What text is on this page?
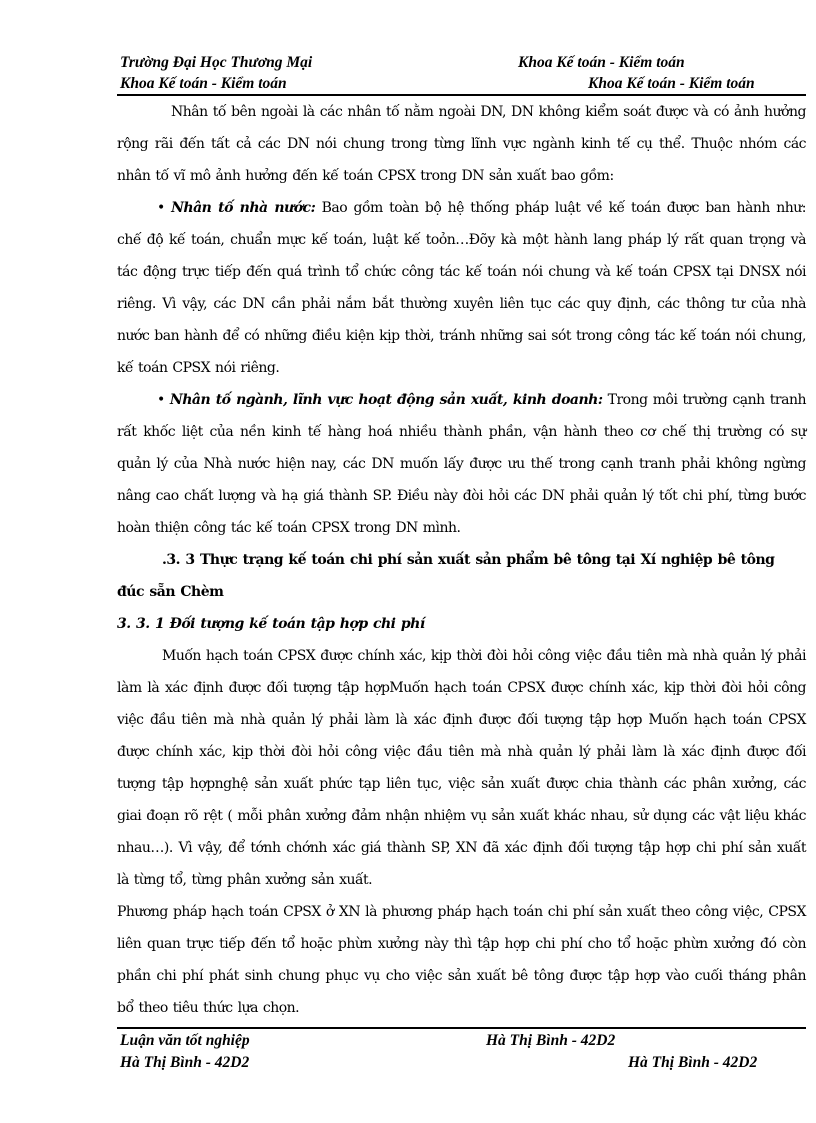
Trường Đại Học Thương Mại	Khoa Kế toán - Kiểm toán
Khoa Kế toán - Kiểm toán	Khoa Kế toán - Kiểm toán

Nhân tố bên ngoài là các nhân tố nằm ngoài DN, DN không kiểm soát được và có ảnh hưởng rộng rãi đến tất cả các DN nói chung trong từng lĩnh vực ngành kinh tế cụ thể. Thuộc nhóm các nhân tố vĩ mô ảnh hưởng đến kế toán CPSX trong DN sản xuất bao gồm:

• Nhân tố nhà nước: Bao gồm toàn bộ hệ thống pháp luật về kế toán được ban hành như: chế độ kế toán, chuẩn mực kế toán, luật kế toỏn…Đõy kà một hành lang pháp lý rất quan trọng và tác động trực tiếp đến quá trình tổ chức công tác kế toán nói chung và kế toán CPSX tại DNSX nói riêng. Vì vậy, các DN cần phải nắm bắt thường xuyên liên tục các quy định, các thông tư của nhà nước ban hành để có những điều kiện kịp thời, tránh những sai sót trong công tác kế toán nói chung, kế toán CPSX nói riêng.

• Nhân tố ngành, lĩnh vực hoạt động sản xuất, kinh doanh: Trong môi trường cạnh tranh rất khốc liệt của nền kinh tế hàng hoá nhiều thành phần, vận hành theo cơ chế thị trường có sự quản lý của Nhà nước hiện nay, các DN muốn lấy được ưu thế trong cạnh tranh phải không ngừng nâng cao chất lượng và hạ giá thành SP. Điều này đòi hỏi các DN phải quản lý tốt chi phí, từng bước hoàn thiện công tác kế toán CPSX trong DN mình.

.3. 3 Thực trạng kế toán chi phí sản xuất sản phẩm bê tông tại Xí nghiệp bê tông đúc sẵn Chèm

3. 3. 1 Đối tượng kế toán tập hợp chi phí

Muốn hạch toán CPSX được chính xác, kịp thời đòi hỏi công việc đầu tiên mà nhà quản lý phải làm là xác định được đối tượng tập hợpMuốn hạch toán CPSX được chính xác, kịp thời đòi hỏi công việc đầu tiên mà nhà quản lý phải làm là xác định được đối tượng tập hợp Muốn hạch toán CPSX được chính xác, kịp thời đòi hỏi công việc đầu tiên mà nhà quản lý phải làm là xác định được đối tượng tập hợpnghệ sản xuất phức tạp liên tục, việc sản xuất được chia thành các phân xưởng, các giai đoạn rõ rệt ( mỗi phân xưởng đảm nhận nhiệm vụ sản xuất khác nhau, sử dụng các vật liệu khác nhau…). Vì vậy, để tớnh chớnh xác giá thành SP, XN đã xác định đối tượng tập hợp chi phí sản xuất là từng tổ, từng phân xưởng sản xuất.

Phương pháp hạch toán CPSX ở XN là phương pháp hạch toán chi phí sản xuất theo công việc, CPSX liên quan trực tiếp đến tổ hoặc phừn xưởng này thì tập hợp chi phí cho tổ hoặc phừn xưởng đó còn phần chi phí phát sinh chung phục vụ cho việc sản xuất bê tông được tập hợp vào cuối tháng phân bổ theo tiêu thức lựa chọn.

Luận văn tốt nghiệp	Hà Thị Bình - 42D2
Hà Thị Bình - 42D2	Hà Thị Bình - 42D2
